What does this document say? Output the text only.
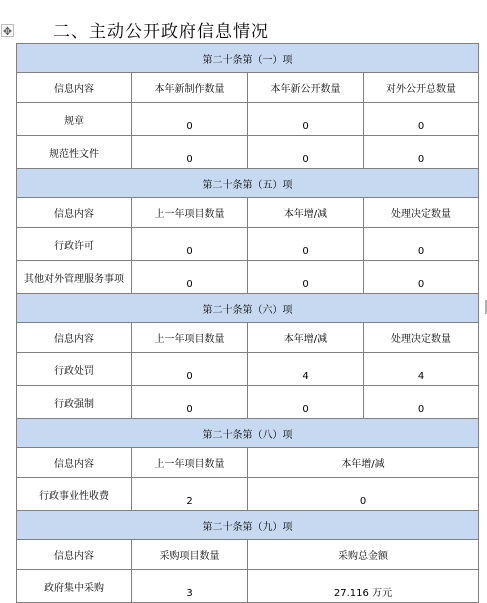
✥ 二、主动公开政府信息情况
第二十条第（一）项			
信息内容	本年新制作数量	本年新公开数量	对外公开总数量
规章	0	0	0
规范性文件	0	0	0
第二十条第（五）项			
信息内容	上一年项目数量	本年增/减	处理决定数量
行政许可	0	0	0
其他对外管理服务事项	0	0	0
第二十条第（六）项			
信息内容	上一年项目数量	本年增/减	处理决定数量
行政处罚	0	4	4
行政强制	0	0	0
第二十条第（八）项			
信息内容	上一年项目数量	本年增/减	
行政事业性收费	2	0	
第二十条第（九）项			
信息内容	采购项目数量	采购总金额	
政府集中采购	3	27.116 万元	
